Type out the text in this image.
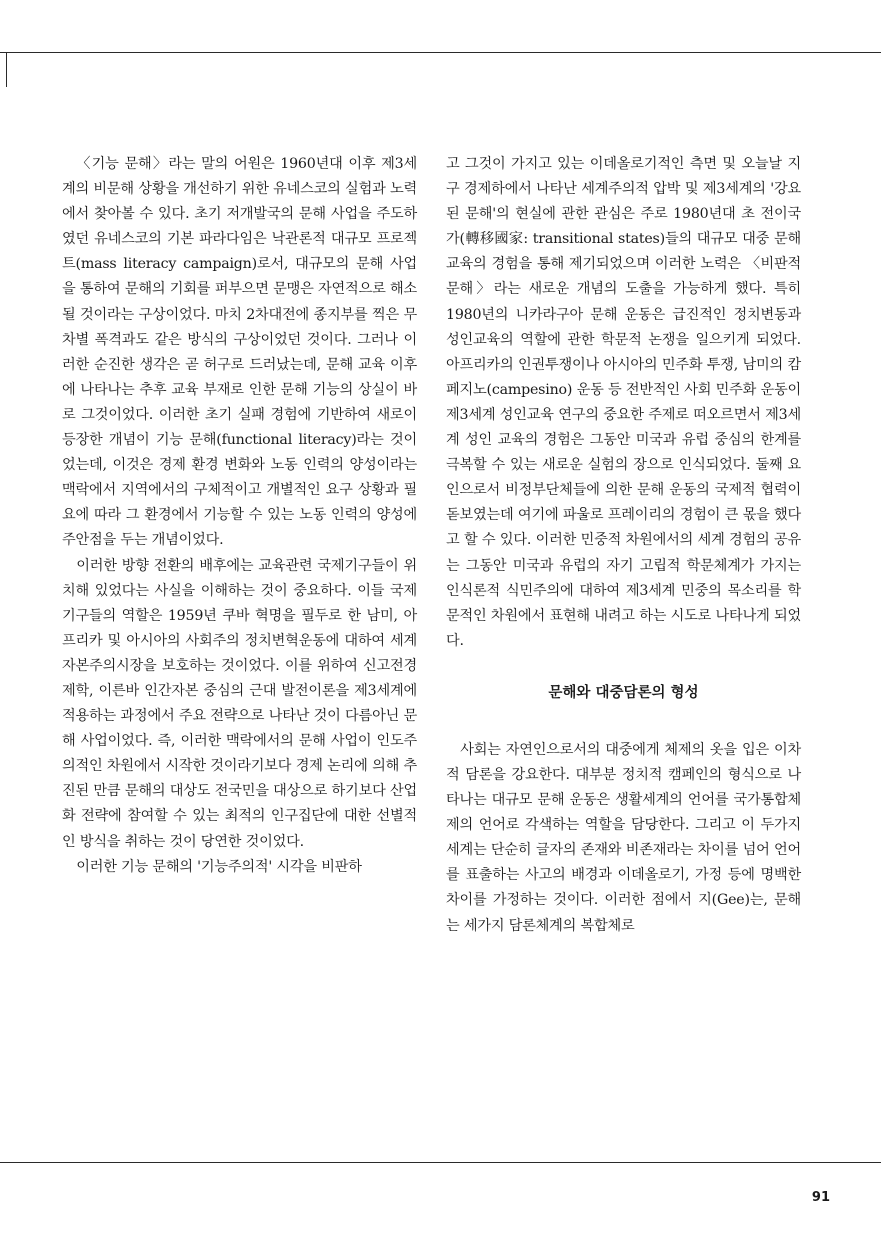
〈기능 문해〉라는 말의 어원은 1960년대 이후 제3세계의 비문해 상황을 개선하기 위한 유네스코의 실험과 노력에서 찾아볼 수 있다. 초기 저개발국의 문해 사업을 주도하였던 유네스코의 기본 파라다임은 낙관론적 대규모 프로젝트(mass literacy campaign)로서, 대규모의 문해 사업을 통하여 문해의 기회를 퍼부으면 문맹은 자연적으로 해소될 것이라는 구상이었다. 마치 2차대전에 종지부를 찍은 무차별 폭격과도 같은 방식의 구상이었던 것이다. 그러나 이러한 순진한 생각은 곧 허구로 드러났는데, 문해 교육 이후에 나타나는 추후 교육 부재로 인한 문해 기능의 상실이 바로 그것이었다. 이러한 초기 실패 경험에 기반하여 새로이 등장한 개념이 기능 문해(functional literacy)라는 것이었는데, 이것은 경제 환경 변화와 노동 인력의 양성이라는 맥락에서 지역에서의 구체적이고 개별적인 요구 상황과 필요에 따라 그 환경에서 기능할 수 있는 노동 인력의 양성에 주안점을 두는 개념이었다.

이러한 방향 전환의 배후에는 교육관련 국제기구들이 위치해 있었다는 사실을 이해하는 것이 중요하다. 이들 국제기구들의 역할은 1959년 쿠바 혁명을 필두로 한 남미, 아프리카 및 아시아의 사회주의 정치변혁운동에 대하여 세계 자본주의시장을 보호하는 것이었다. 이를 위하여 신고전경제학, 이른바 인간자본 중심의 근대 발전이론을 제3세계에 적용하는 과정에서 주요 전략으로 나타난 것이 다름아닌 문해 사업이었다. 즉, 이러한 맥락에서의 문해 사업이 인도주의적인 차원에서 시작한 것이라기보다 경제 논리에 의해 추진된 만큼 문해의 대상도 전국민을 대상으로 하기보다 산업화 전략에 참여할 수 있는 최적의 인구집단에 대한 선별적인 방식을 취하는 것이 당연한 것이었다.

이러한 기능 문해의 '기능주의적' 시각을 비판하

고 그것이 가지고 있는 이데올로기적인 측면 및 오늘날 지구 경제하에서 나타난 세계주의적 압박 및 제3세계의 '강요된 문해'의 현실에 관한 관심은 주로 1980년대 초 전이국가(轉移國家: transitional states)들의 대규모 대중 문해 교육의 경험을 통해 제기되었으며 이러한 노력은 〈비판적 문해〉라는 새로운 개념의 도출을 가능하게 했다. 특히 1980년의 니카라구아 문해 운동은 급진적인 정치변동과 성인교육의 역할에 관한 학문적 논쟁을 일으키게 되었다. 아프리카의 인권투쟁이나 아시아의 민주화 투쟁, 남미의 캄페지노(campesino) 운동 등 전반적인 사회 민주화 운동이 제3세계 성인교육 연구의 중요한 주제로 떠오르면서 제3세계 성인 교육의 경험은 그동안 미국과 유럽 중심의 한계를 극복할 수 있는 새로운 실험의 장으로 인식되었다. 둘째 요인으로서 비정부단체들에 의한 문해 운동의 국제적 협력이 돋보였는데 여기에 파울로 프레이리의 경험이 큰 몫을 했다고 할 수 있다. 이러한 민중적 차원에서의 세계 경험의 공유는 그동안 미국과 유럽의 자기 고립적 학문체계가 가지는 인식론적 식민주의에 대하여 제3세계 민중의 목소리를 학문적인 차원에서 표현해 내려고 하는 시도로 나타나게 되었다.

문해와 대중담론의 형성

사회는 자연인으로서의 대중에게 체제의 옷을 입은 이차적 담론을 강요한다. 대부분 정치적 캠페인의 형식으로 나타나는 대규모 문해 운동은 생활세계의 언어를 국가통합체제의 언어로 각색하는 역할을 담당한다. 그리고 이 두가지 세계는 단순히 글자의 존재와 비존재라는 차이를 넘어 언어를 표출하는 사고의 배경과 이데올로기, 가정 등에 명백한 차이를 가정하는 것이다. 이러한 점에서 지(Gee)는, 문해는 세가지 담론체계의 복합체로

91
